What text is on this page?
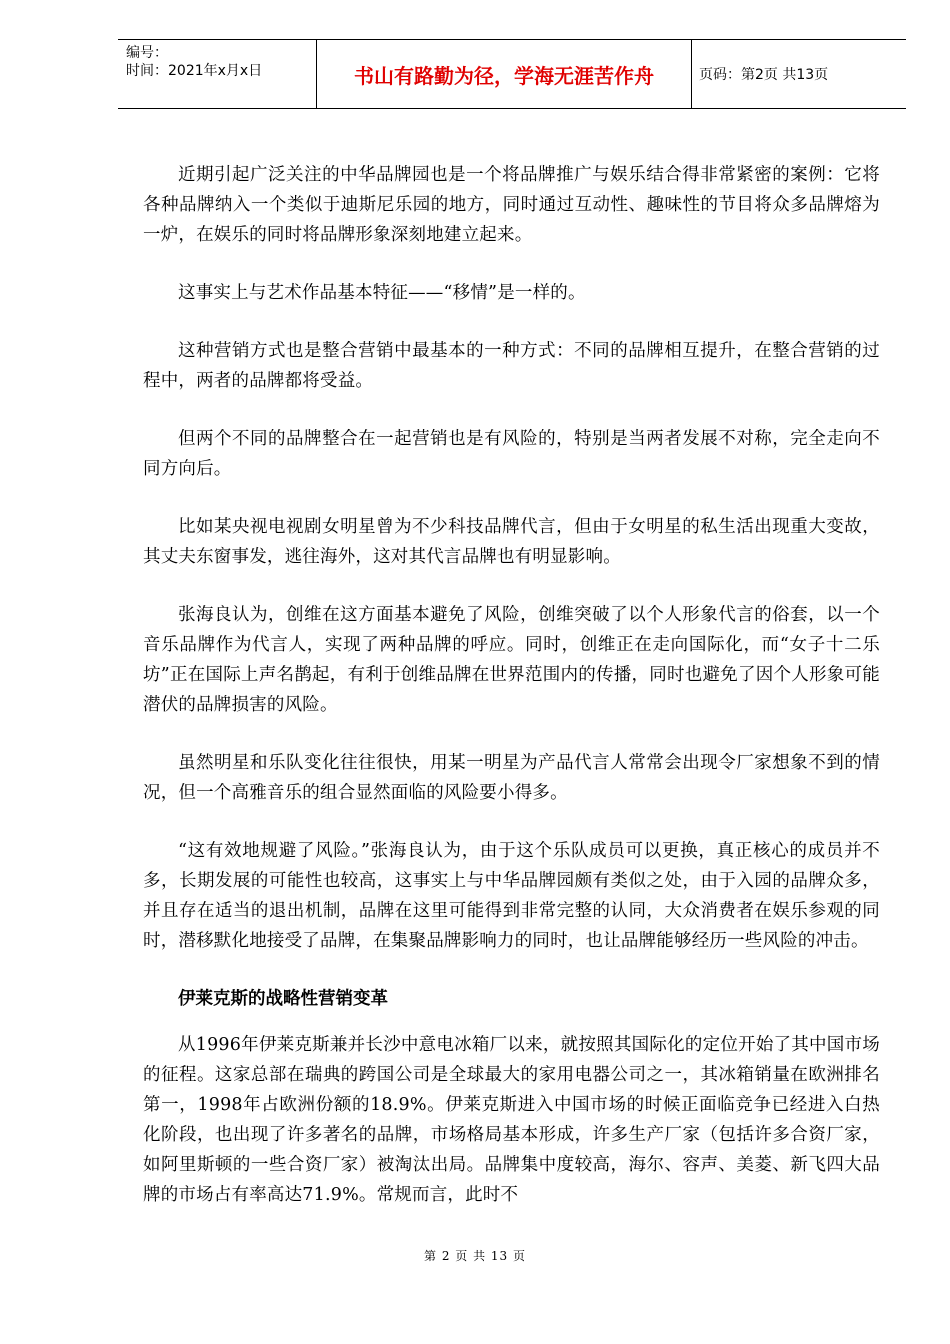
编号：
时间：2021年x月x日	书山有路勤为径，学海无涯苦作舟	页码：第2页 共13页

近期引起广泛关注的中华品牌园也是一个将品牌推广与娱乐结合得非常紧密的案例：它将各种品牌纳入一个类似于迪斯尼乐园的地方，同时通过互动性、趣味性的节目将众多品牌熔为一炉，在娱乐的同时将品牌形象深刻地建立起来。

这事实上与艺术作品基本特征——“移情”是一样的。

这种营销方式也是整合营销中最基本的一种方式：不同的品牌相互提升，在整合营销的过程中，两者的品牌都将受益。

但两个不同的品牌整合在一起营销也是有风险的，特别是当两者发展不对称，完全走向不同方向后。

比如某央视电视剧女明星曾为不少科技品牌代言，但由于女明星的私生活出现重大变故，其丈夫东窗事发，逃往海外，这对其代言品牌也有明显影响。

张海良认为，创维在这方面基本避免了风险，创维突破了以个人形象代言的俗套，以一个音乐品牌作为代言人，实现了两种品牌的呼应。同时，创维正在走向国际化，而“女子十二乐坊”正在国际上声名鹊起，有利于创维品牌在世界范围内的传播，同时也避免了因个人形象可能潜伏的品牌损害的风险。

虽然明星和乐队变化往往很快，用某一明星为产品代言人常常会出现令厂家想象不到的情况，但一个高雅音乐的组合显然面临的风险要小得多。

“这有效地规避了风险。”张海良认为，由于这个乐队成员可以更换，真正核心的成员并不多，长期发展的可能性也较高，这事实上与中华品牌园颇有类似之处，由于入园的品牌众多，并且存在适当的退出机制，品牌在这里可能得到非常完整的认同，大众消费者在娱乐参观的同时，潜移默化地接受了品牌，在集聚品牌影响力的同时，也让品牌能够经历一些风险的冲击。

伊莱克斯的战略性营销变革

从1996年伊莱克斯兼并长沙中意电冰箱厂以来，就按照其国际化的定位开始了其中国市场的征程。这家总部在瑞典的跨国公司是全球最大的家用电器公司之一，其冰箱销量在欧洲排名第一，1998年占欧洲份额的18.9%。伊莱克斯进入中国市场的时候正面临竞争已经进入白热化阶段，也出现了许多著名的品牌，市场格局基本形成，许多生产厂家（包括许多合资厂家，如阿里斯顿的一些合资厂家）被淘汰出局。品牌集中度较高，海尔、容声、美菱、新飞四大品牌的市场占有率高达71.9%。常规而言，此时不

第 2 页 共 13 页
